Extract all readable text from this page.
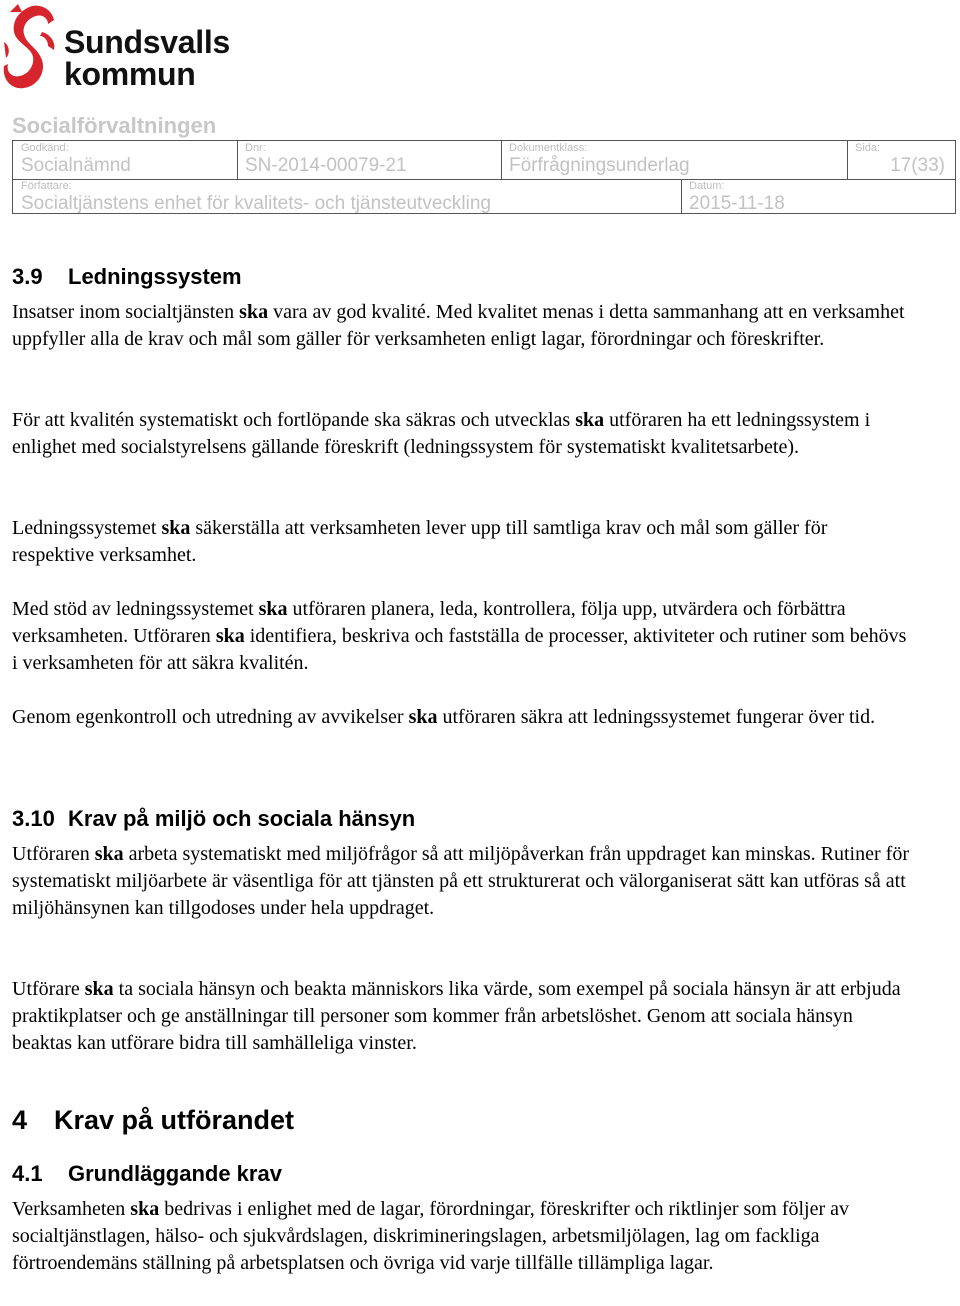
Sundsvalls
kommun
Socialförvaltningen
Godkänd:
Socialnämnd
Dnr:
SN-2014-00079-21
Dokumentklass:
Förfrågningsunderlag
Sida:
17(33)
Författare:
Socialtjänstens enhet för kvalitets- och tjänsteutveckling
Datum:
2015-11-18
3.9 Ledningssystem

Insatser inom socialtjänsten ska vara av god kvalité. Med kvalitet menas i detta sammanhang att en verksamhet uppfyller alla de krav och mål som gäller för verksamheten enligt lagar, förordningar och föreskrifter.

För att kvalitén systematiskt och fortlöpande ska säkras och utvecklas ska utföraren ha ett ledningssystem i enlighet med socialstyrelsens gällande föreskrift (ledningssystem för systematiskt kvalitetsarbete).

Ledningssystemet ska säkerställa att verksamheten lever upp till samtliga krav och mål som gäller för respektive verksamhet.

Med stöd av ledningssystemet ska utföraren planera, leda, kontrollera, följa upp, utvärdera och förbättra verksamheten. Utföraren ska identifiera, beskriva och fastställa de processer, aktiviteter och rutiner som behövs i verksamheten för att säkra kvalitén.

Genom egenkontroll och utredning av avvikelser ska utföraren säkra att ledningssystemet fungerar över tid.

3.10 Krav på miljö och sociala hänsyn

Utföraren ska arbeta systematiskt med miljöfrågor så att miljöpåverkan från uppdraget kan minskas. Rutiner för systematiskt miljöarbete är väsentliga för att tjänsten på ett strukturerat och välorganiserat sätt kan utföras så att miljöhänsynen kan tillgodoses under hela uppdraget.

Utförare ska ta sociala hänsyn och beakta människors lika värde, som exempel på sociala hänsyn är att erbjuda praktikplatser och ge anställningar till personer som kommer från arbetslöshet. Genom att sociala hänsyn beaktas kan utförare bidra till samhälleliga vinster.

4 Krav på utförandet
4.1 Grundläggande krav

Verksamheten ska bedrivas i enlighet med de lagar, förordningar, föreskrifter och riktlinjer som följer av socialtjänstlagen, hälso- och sjukvårdslagen, diskrimineringslagen, arbetsmiljölagen, lag om fackliga förtroendemäns ställning på arbetsplatsen och övriga vid varje tillfälle tillämpliga lagar.
